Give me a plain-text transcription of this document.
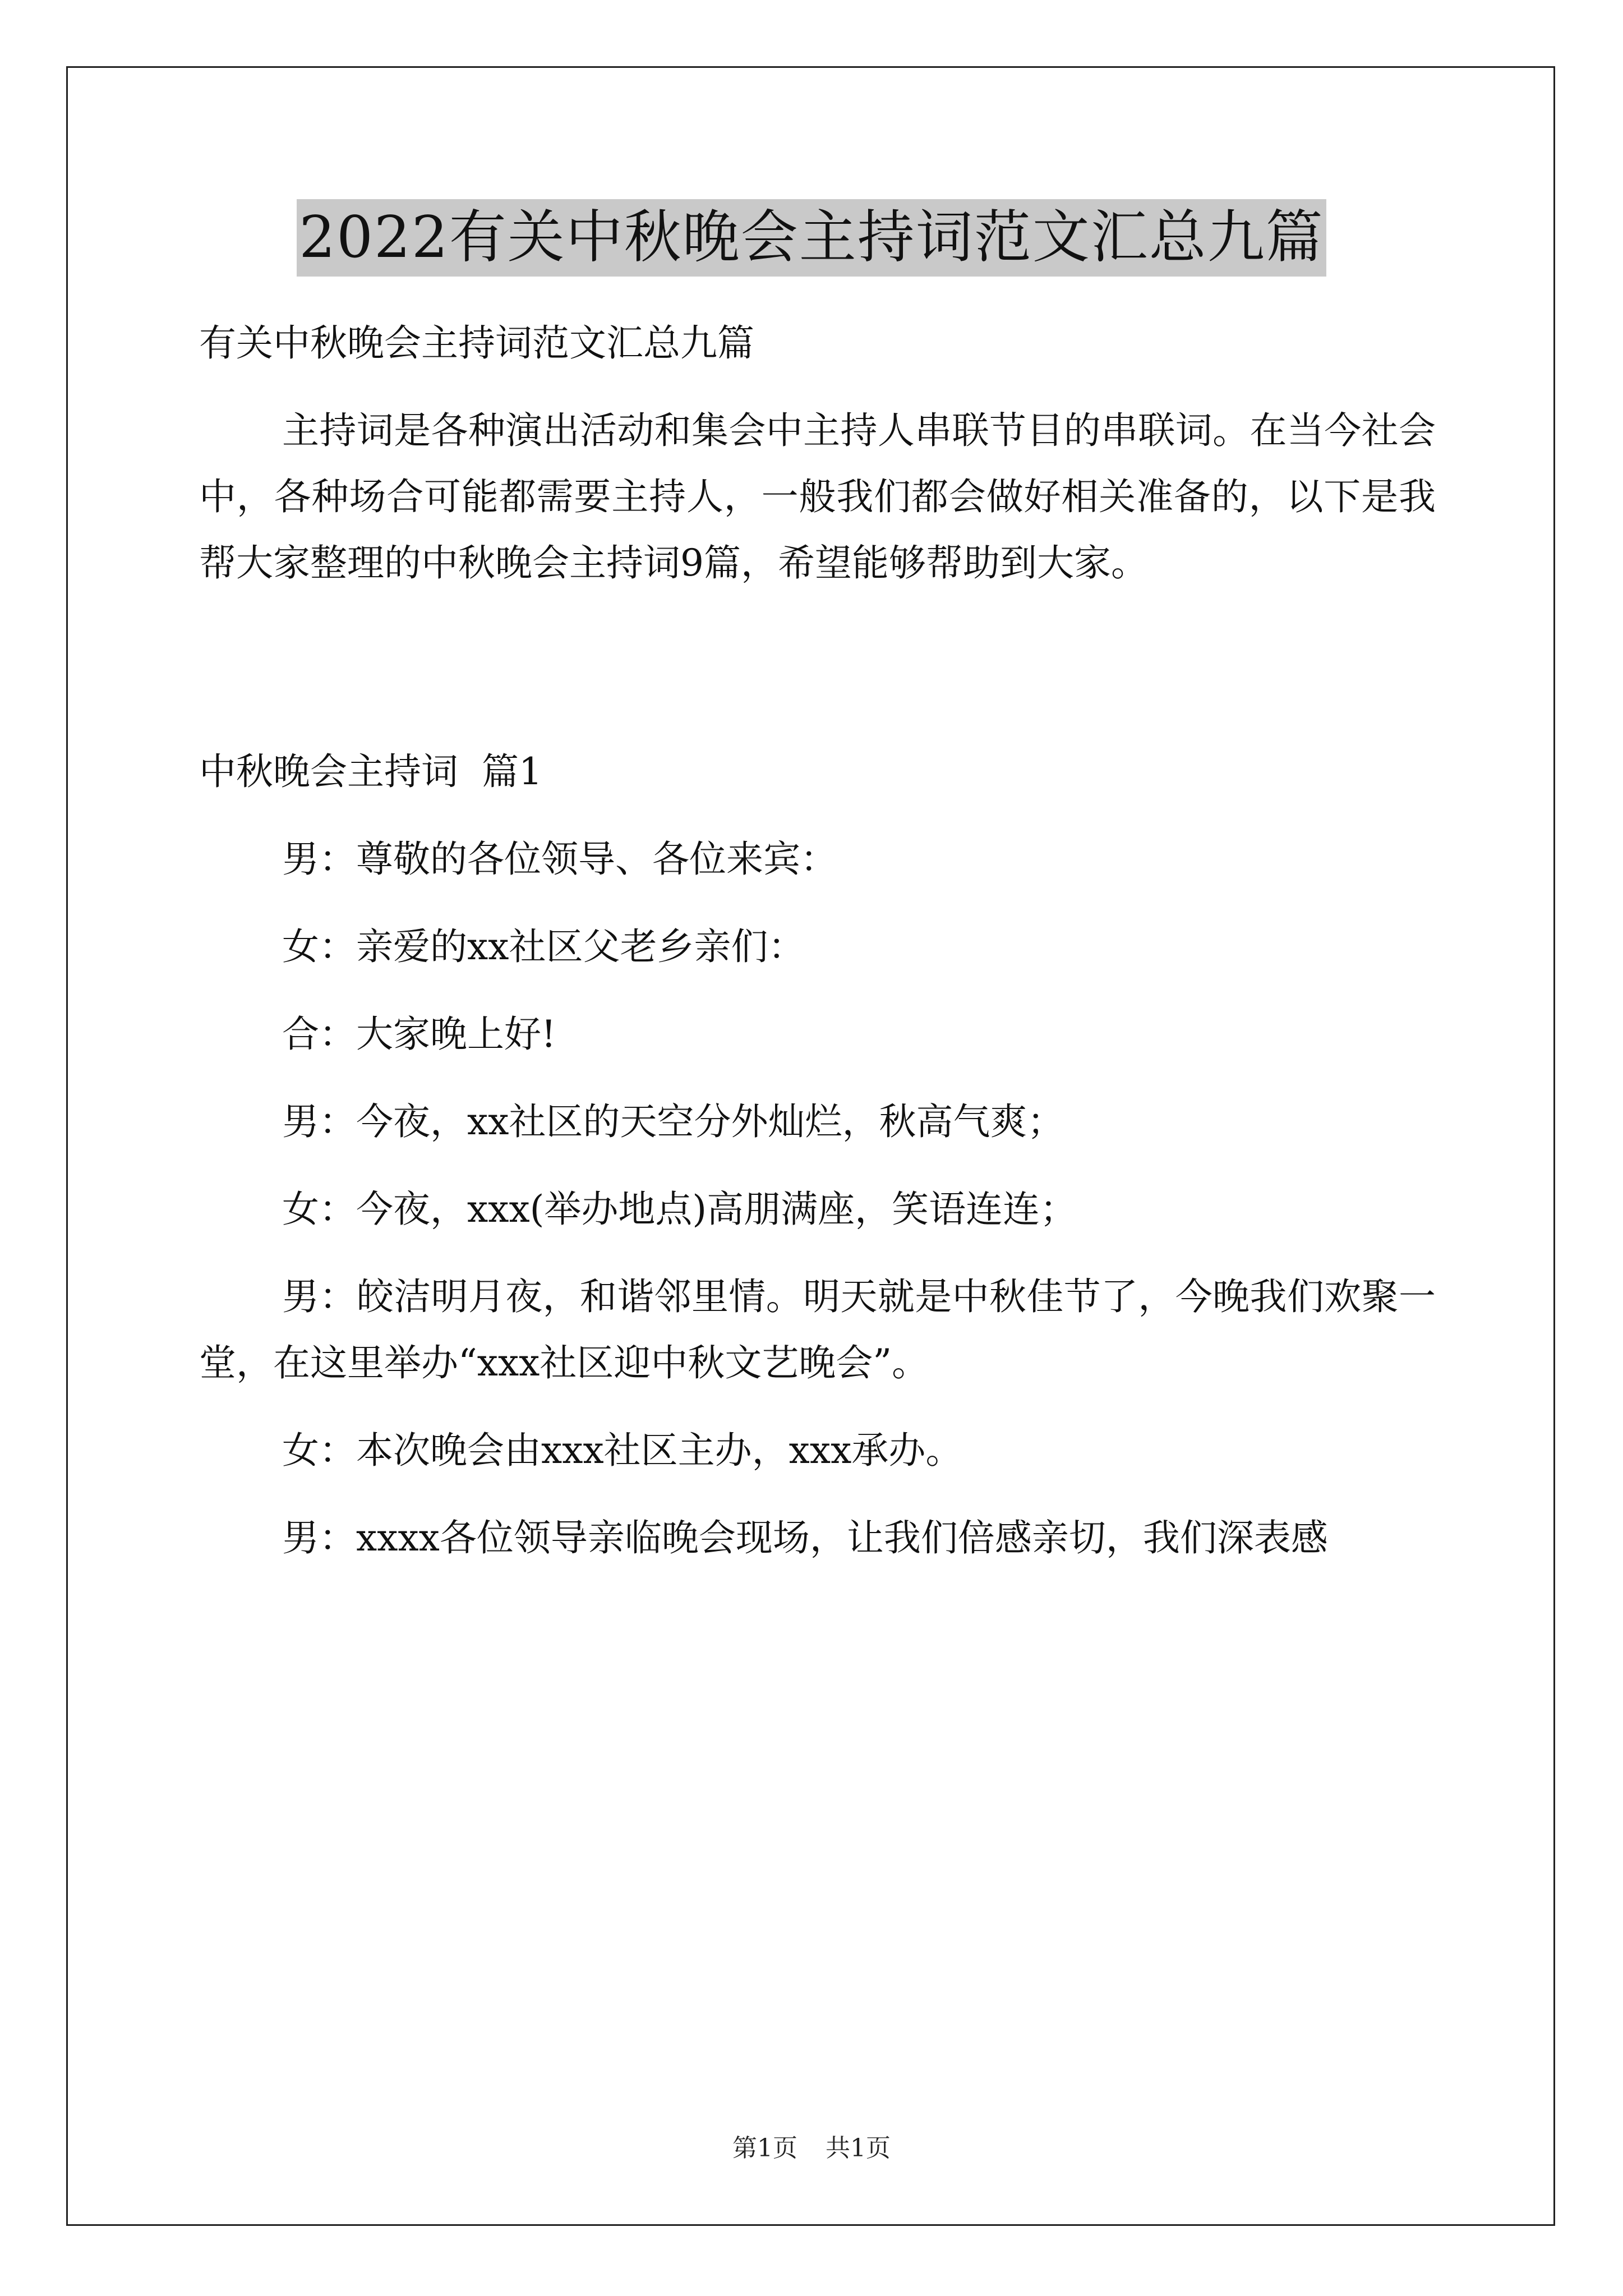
2022有关中秋晚会主持词范文汇总九篇

有关中秋晚会主持词范文汇总九篇

主持词是各种演出活动和集会中主持人串联节目的串联词。在当今社会中，各种场合可能都需要主持人，一般我们都会做好相关准备的，以下是我帮大家整理的中秋晚会主持词9篇，希望能够帮助到大家。

中秋晚会主持词  篇1

男：尊敬的各位领导、各位来宾：

女：亲爱的xx社区父老乡亲们：

合：大家晚上好!

男：今夜，xx社区的天空分外灿烂，秋高气爽；

女：今夜，xxx(举办地点)高朋满座，笑语连连；

男：皎洁明月夜，和谐邻里情。明天就是中秋佳节了，今晚我们欢聚一堂，在这里举办“xxx社区迎中秋文艺晚会”。

女：本次晚会由xxx社区主办，xxx承办。

男：xxxx各位领导亲临晚会现场，让我们倍感亲切，我们深表感

第1页 共1页
